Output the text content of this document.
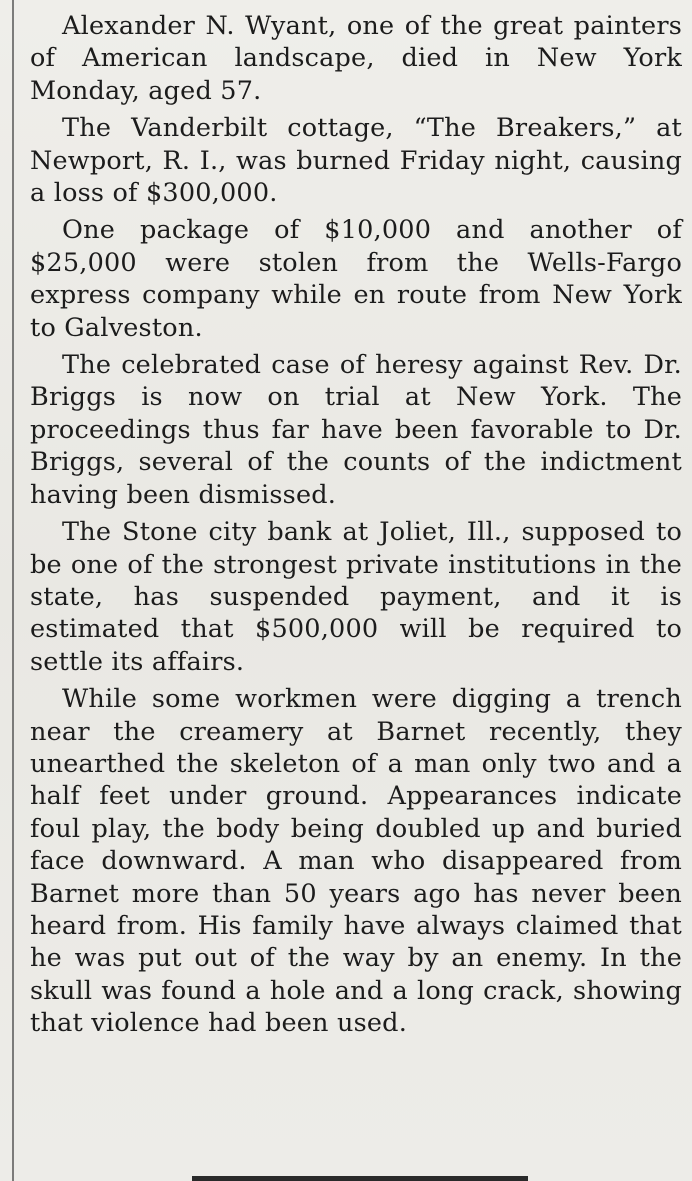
Alexander N. Wyant, one of the great painters of American landscape, died in New York Monday, aged 57.

The Vanderbilt cottage, “The Breakers,” at Newport, R. I., was burned Friday night, causing a loss of $300,000.

One package of $10,000 and another of $25,000 were stolen from the Wells-Fargo express company while en route from New York to Galveston.

The celebrated case of heresy against Rev. Dr. Briggs is now on trial at New York. The proceedings thus far have been favorable to Dr. Briggs, several of the counts of the indictment having been dismissed.

The Stone city bank at Joliet, Ill., supposed to be one of the strongest private institutions in the state, has suspended payment, and it is estimated that $500,000 will be required to settle its affairs.

While some workmen were digging a trench near the creamery at Barnet recently, they unearthed the skeleton of a man only two and a half feet under ground. Appearances indicate foul play, the body being doubled up and buried face downward. A man who disappeared from Barnet more than 50 years ago has never been heard from. His family have always claimed that he was put out of the way by an enemy. In the skull was found a hole and a long crack, showing that violence had been used.
